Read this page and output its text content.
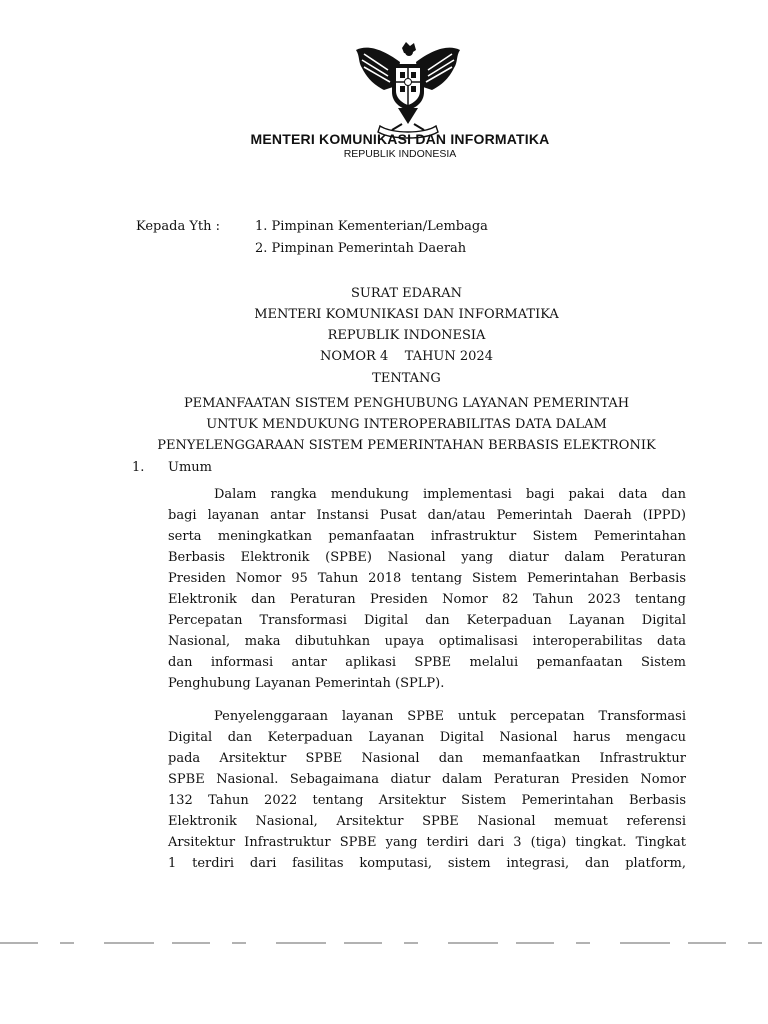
MENTERI KOMUNIKASI DAN INFORMATIKA
REPUBLIK INDONESIA
Kepada Yth :	1. Pimpinan Kementerian/Lembaga
2. Pimpinan Pemerintah Daerah
SURAT EDARAN
MENTERI KOMUNIKASI DAN INFORMATIKA
REPUBLIK INDONESIA
NOMOR 4    TAHUN 2024
TENTANG
PEMANFAATAN SISTEM PENGHUBUNG LAYANAN PEMERINTAH
UNTUK MENDUKUNG INTEROPERABILITAS DATA DALAM
PENYELENGGARAAN SISTEM PEMERINTAHAN BERBASIS ELEKTRONIK
1. Umum
Dalam rangka mendukung implementasi bagi pakai data dan
bagi layanan antar Instansi Pusat dan/atau Pemerintah Daerah (IPPD)
serta meningkatkan pemanfaatan infrastruktur Sistem Pemerintahan
Berbasis Elektronik (SPBE) Nasional yang diatur dalam Peraturan
Presiden Nomor 95 Tahun 2018 tentang Sistem Pemerintahan Berbasis
Elektronik dan Peraturan Presiden Nomor 82 Tahun 2023 tentang
Percepatan Transformasi Digital dan Keterpaduan Layanan Digital
Nasional, maka dibutuhkan upaya optimalisasi interoperabilitas data
dan informasi antar aplikasi SPBE melalui pemanfaatan Sistem
Penghubung Layanan Pemerintah (SPLP).
Penyelenggaraan layanan SPBE untuk percepatan Transformasi
Digital dan Keterpaduan Layanan Digital Nasional harus mengacu
pada Arsitektur SPBE Nasional dan memanfaatkan Infrastruktur
SPBE Nasional. Sebagaimana diatur dalam Peraturan Presiden Nomor
132 Tahun 2022 tentang Arsitektur Sistem Pemerintahan Berbasis
Elektronik Nasional, Arsitektur SPBE Nasional memuat referensi
Arsitektur Infrastruktur SPBE yang terdiri dari 3 (tiga) tingkat. Tingkat
1 terdiri dari fasilitas komputasi, sistem integrasi, dan platform,
